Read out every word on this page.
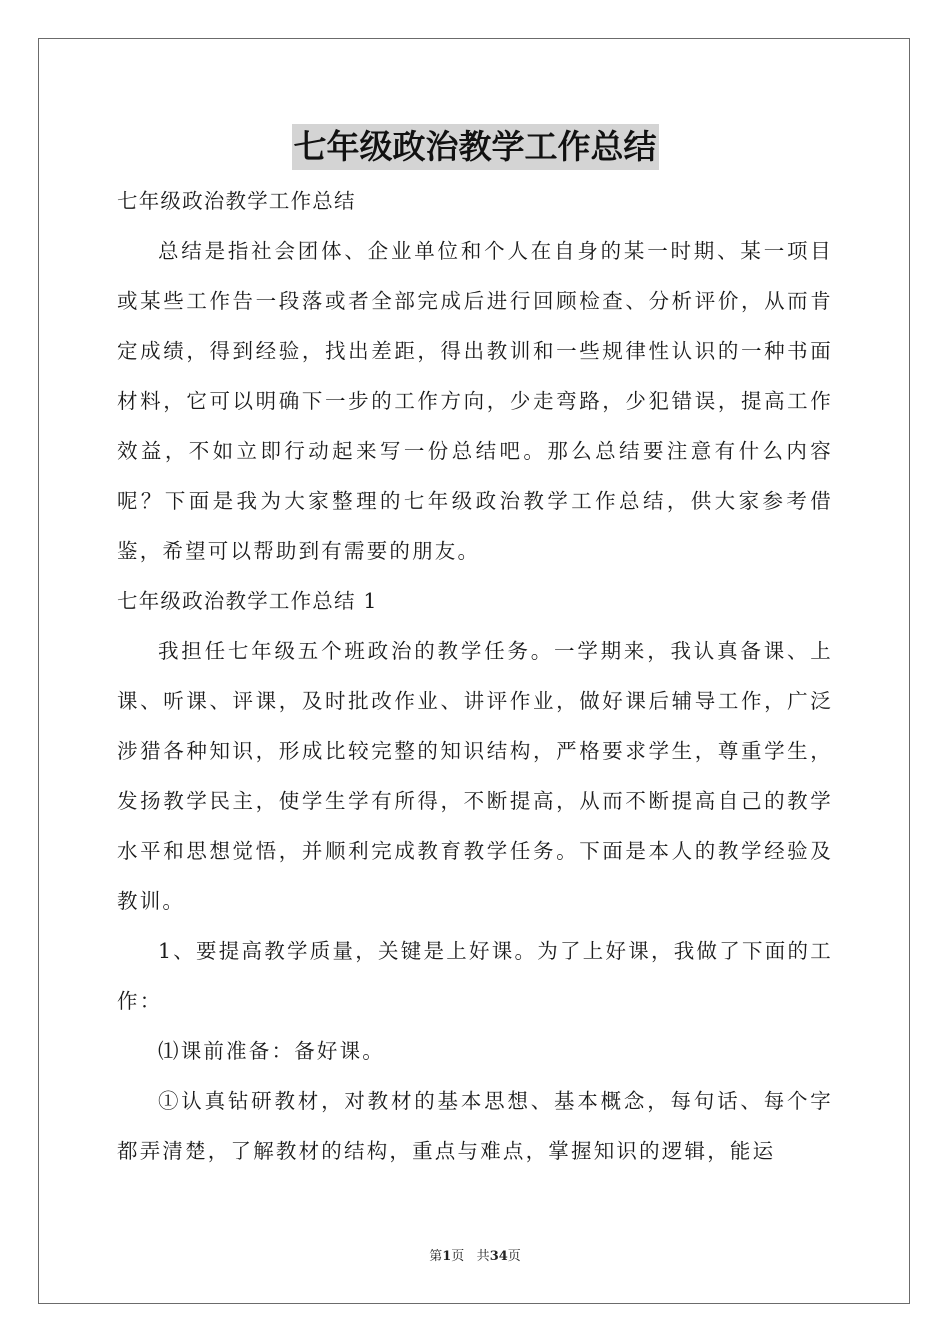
七年级政治教学工作总结

七年级政治教学工作总结

总结是指社会团体、企业单位和个人在自身的某一时期、某一项目或某些工作告一段落或者全部完成后进行回顾检查、分析评价，从而肯定成绩，得到经验，找出差距，得出教训和一些规律性认识的一种书面材料，它可以明确下一步的工作方向，少走弯路，少犯错误，提高工作效益，不如立即行动起来写一份总结吧。那么总结要注意有什么内容呢？下面是我为大家整理的七年级政治教学工作总结，供大家参考借鉴，希望可以帮助到有需要的朋友。

七年级政治教学工作总结 1

我担任七年级五个班政治的教学任务。一学期来，我认真备课、上课、听课、评课，及时批改作业、讲评作业，做好课后辅导工作，广泛涉猎各种知识，形成比较完整的知识结构，严格要求学生，尊重学生，发扬教学民主，使学生学有所得，不断提高，从而不断提高自己的教学水平和思想觉悟，并顺利完成教育教学任务。下面是本人的教学经验及教训。

1、要提高教学质量，关键是上好课。为了上好课，我做了下面的工作：

⑴课前准备：备好课。

①认真钻研教材，对教材的基本思想、基本概念，每句话、每个字都弄清楚，了解教材的结构，重点与难点，掌握知识的逻辑，能运

第1页 共34页
